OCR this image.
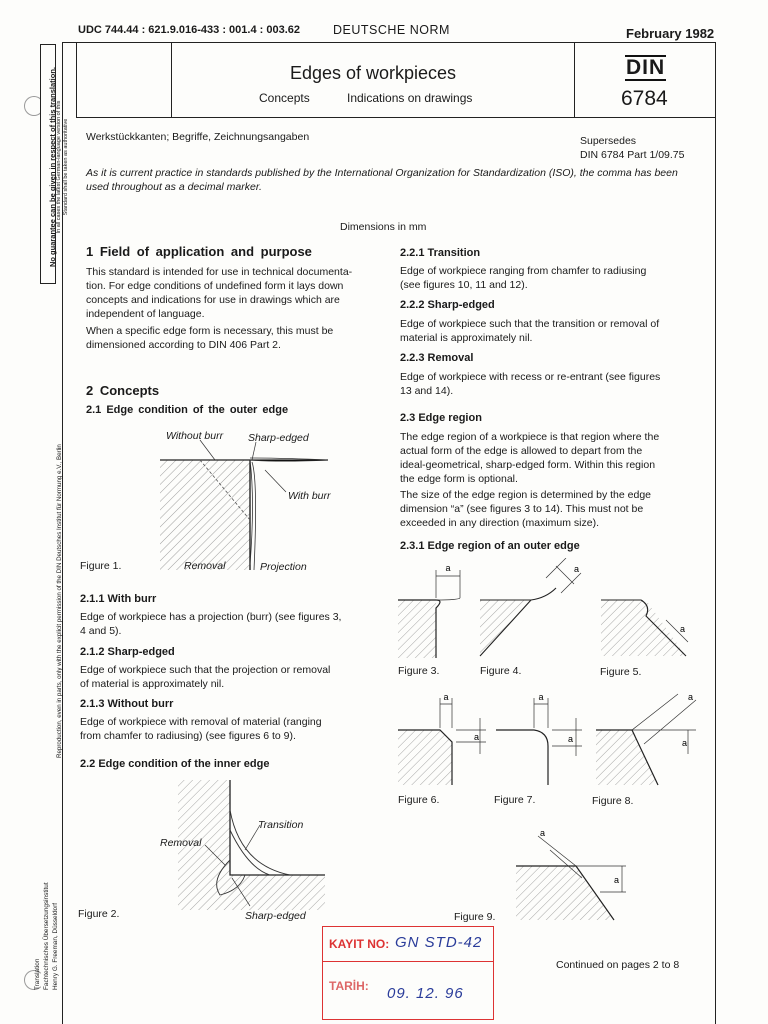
UDC 744.44 : 621.9.016-433 : 001.4 : 003.62	DEUTSCHE NORM	February 1982
Edges of workpieces
Concepts	Indications on drawings
DIN
6784
Werkstückkanten; Begriffe, Zeichnungsangaben	Supersedes
DIN 6784 Part 1/09.75
As it is current practice in standards published by the International Organization for Standardization (ISO), the comma has been used throughout as a decimal marker.
Dimensions in mm
1 Field of application and purpose
This standard is intended for use in technical documenta-
tion. For edge conditions of undefined form it lays down
concepts and indications for use in drawings which are
independent of language.
When a specific edge form is necessary, this must be
dimensioned according to DIN 406 Part 2.
2 Concepts
2.1 Edge condition of the outer edge
Without burr Sharp-edged
With burr
Removal	Projection
Figure 1.
2.1.1 With burr
Edge of workpiece has a projection (burr) (see figures 3,
4 and 5).
2.1.2 Sharp-edged
Edge of workpiece such that the projection or removal
of material is approximately nil.
2.1.3 Without burr
Edge of workpiece with removal of material (ranging
from chamfer to radiusing) (see figures 6 to 9).
2.2 Edge condition of the inner edge
Transition
Removal
Sharp-edged
Figure 2.
2.2.1 Transition
Edge of workpiece ranging from chamfer to radiusing
(see figures 10, 11 and 12).
2.2.2 Sharp-edged
Edge of workpiece such that the transition or removal of
material is approximately nil.
2.2.3 Removal
Edge of workpiece with recess or re-entrant (see figures
13 and 14).
2.3 Edge region
The edge region of a workpiece is that region where the
actual form of the edge is allowed to depart from the
ideal-geometrical, sharp-edged form. Within this region
the edge form is optional.
The size of the edge region is determined by the edge
dimension “a” (see figures 3 to 14). This must not be
exceeded in any direction (maximum size).
2.3.1 Edge region of an outer edge
a	a
a
Figure 3.	Figure 4.	Figure 5.
a
a
a
a
a
a
Figure 6.	Figure 7.	Figure 8.
a
a
Figure 9.
KAYIT NO: GN STD-42
TARİH: 09. 12. 96
Continued on pages 2 to 8
No guarantee can be given in respect of this translation. In all cases the latest German-language version of this Standard shall be taken as authoritative
Reproduction, even in parts, only with the explicit permission of the DIN Deutsches Institut für Normung e.V., Berlin
Translation Fachtechnisches Übersetzungsinstitut Henry G. Freeman, Düsseldorf
